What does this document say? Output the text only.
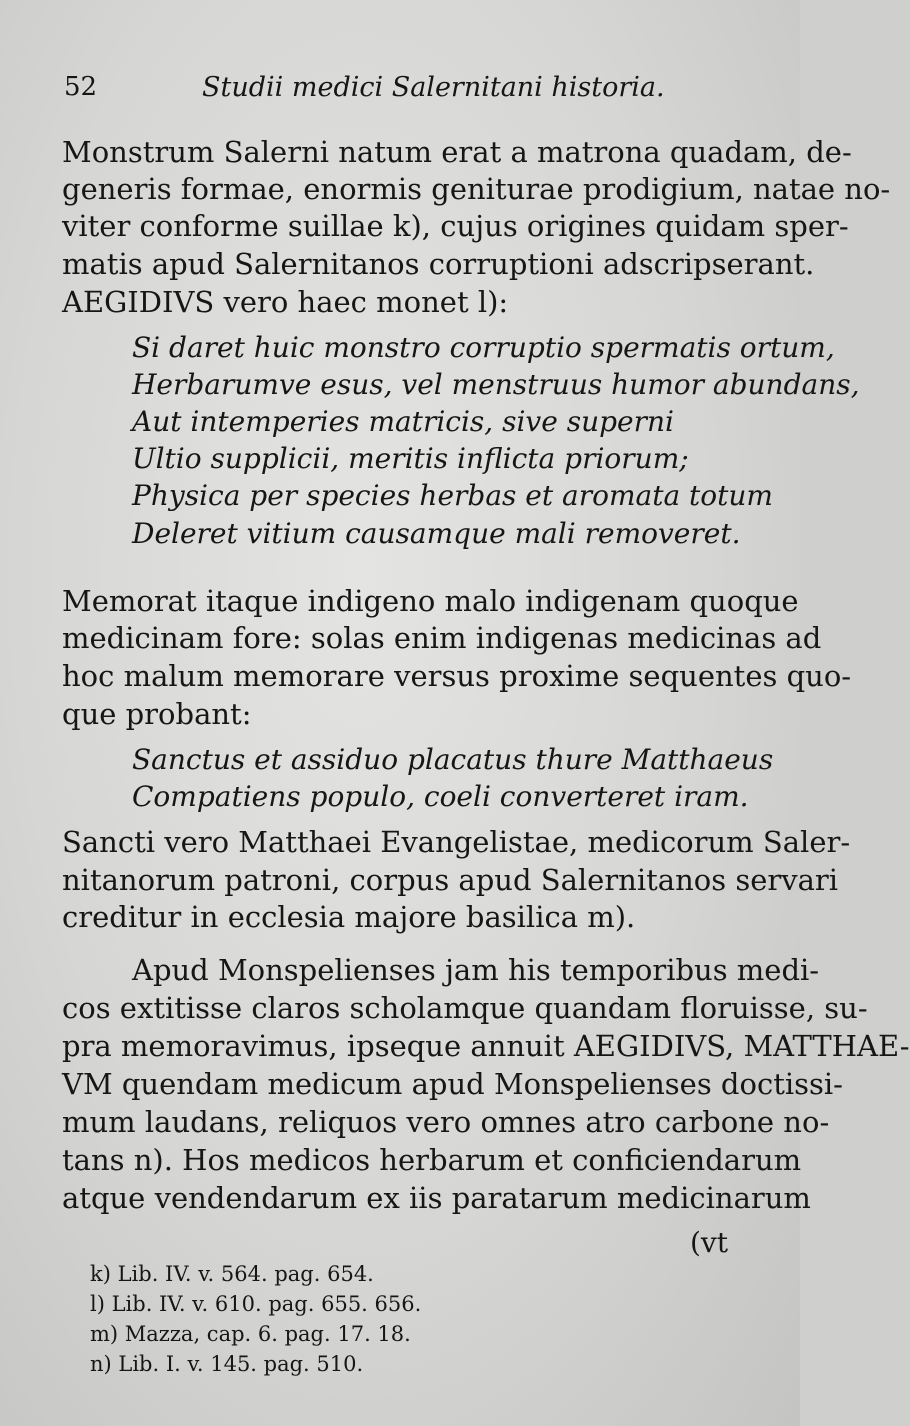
52	Studii medici Salernitani historia.
Monstrum Salerni natum erat a matrona quadam, de-
generis formae, enormis geniturae prodigium, natae no-
viter conforme suillae k), cujus origines quidam sper-
matis apud Salernitanos corruptioni adscripserant.
AEGIDIVS vero haec monet l):
Si daret huic monstro corruptio spermatis ortum,
Herbarumve esus, vel menstruus humor abundans,
Aut intemperies matricis, sive superni
Ultio supplicii, meritis inflicta priorum;
Physica per species herbas et aromata totum
Deleret vitium causamque mali removeret.
Memorat itaque indigeno malo indigenam quoque
medicinam fore: solas enim indigenas medicinas ad
hoc malum memorare versus proxime sequentes quo-
que probant:
Sanctus et assiduo placatus thure Matthaeus
Compatiens populo, coeli converteret iram.
Sancti vero Matthaei Evangelistae, medicorum Saler-
nitanorum patroni, corpus apud Salernitanos servari
creditur in ecclesia majore basilica m).
Apud Monspelienses jam his temporibus medi-
cos extitisse claros scholamque quandam floruisse, su-
pra memoravimus, ipseque annuit AEGIDIVS, MATTHAE-
VM quendam medicum apud Monspelienses doctissi-
mum laudans, reliquos vero omnes atro carbone no-
tans n). Hos medicos herbarum et conficiendarum
atque vendendarum ex iis paratarum medicinarum
(vt
k) Lib. IV. v. 564. pag. 654.
l) Lib. IV. v. 610. pag. 655. 656.
m) Mazza, cap. 6. pag. 17. 18.
n) Lib. I. v. 145. pag. 510.
